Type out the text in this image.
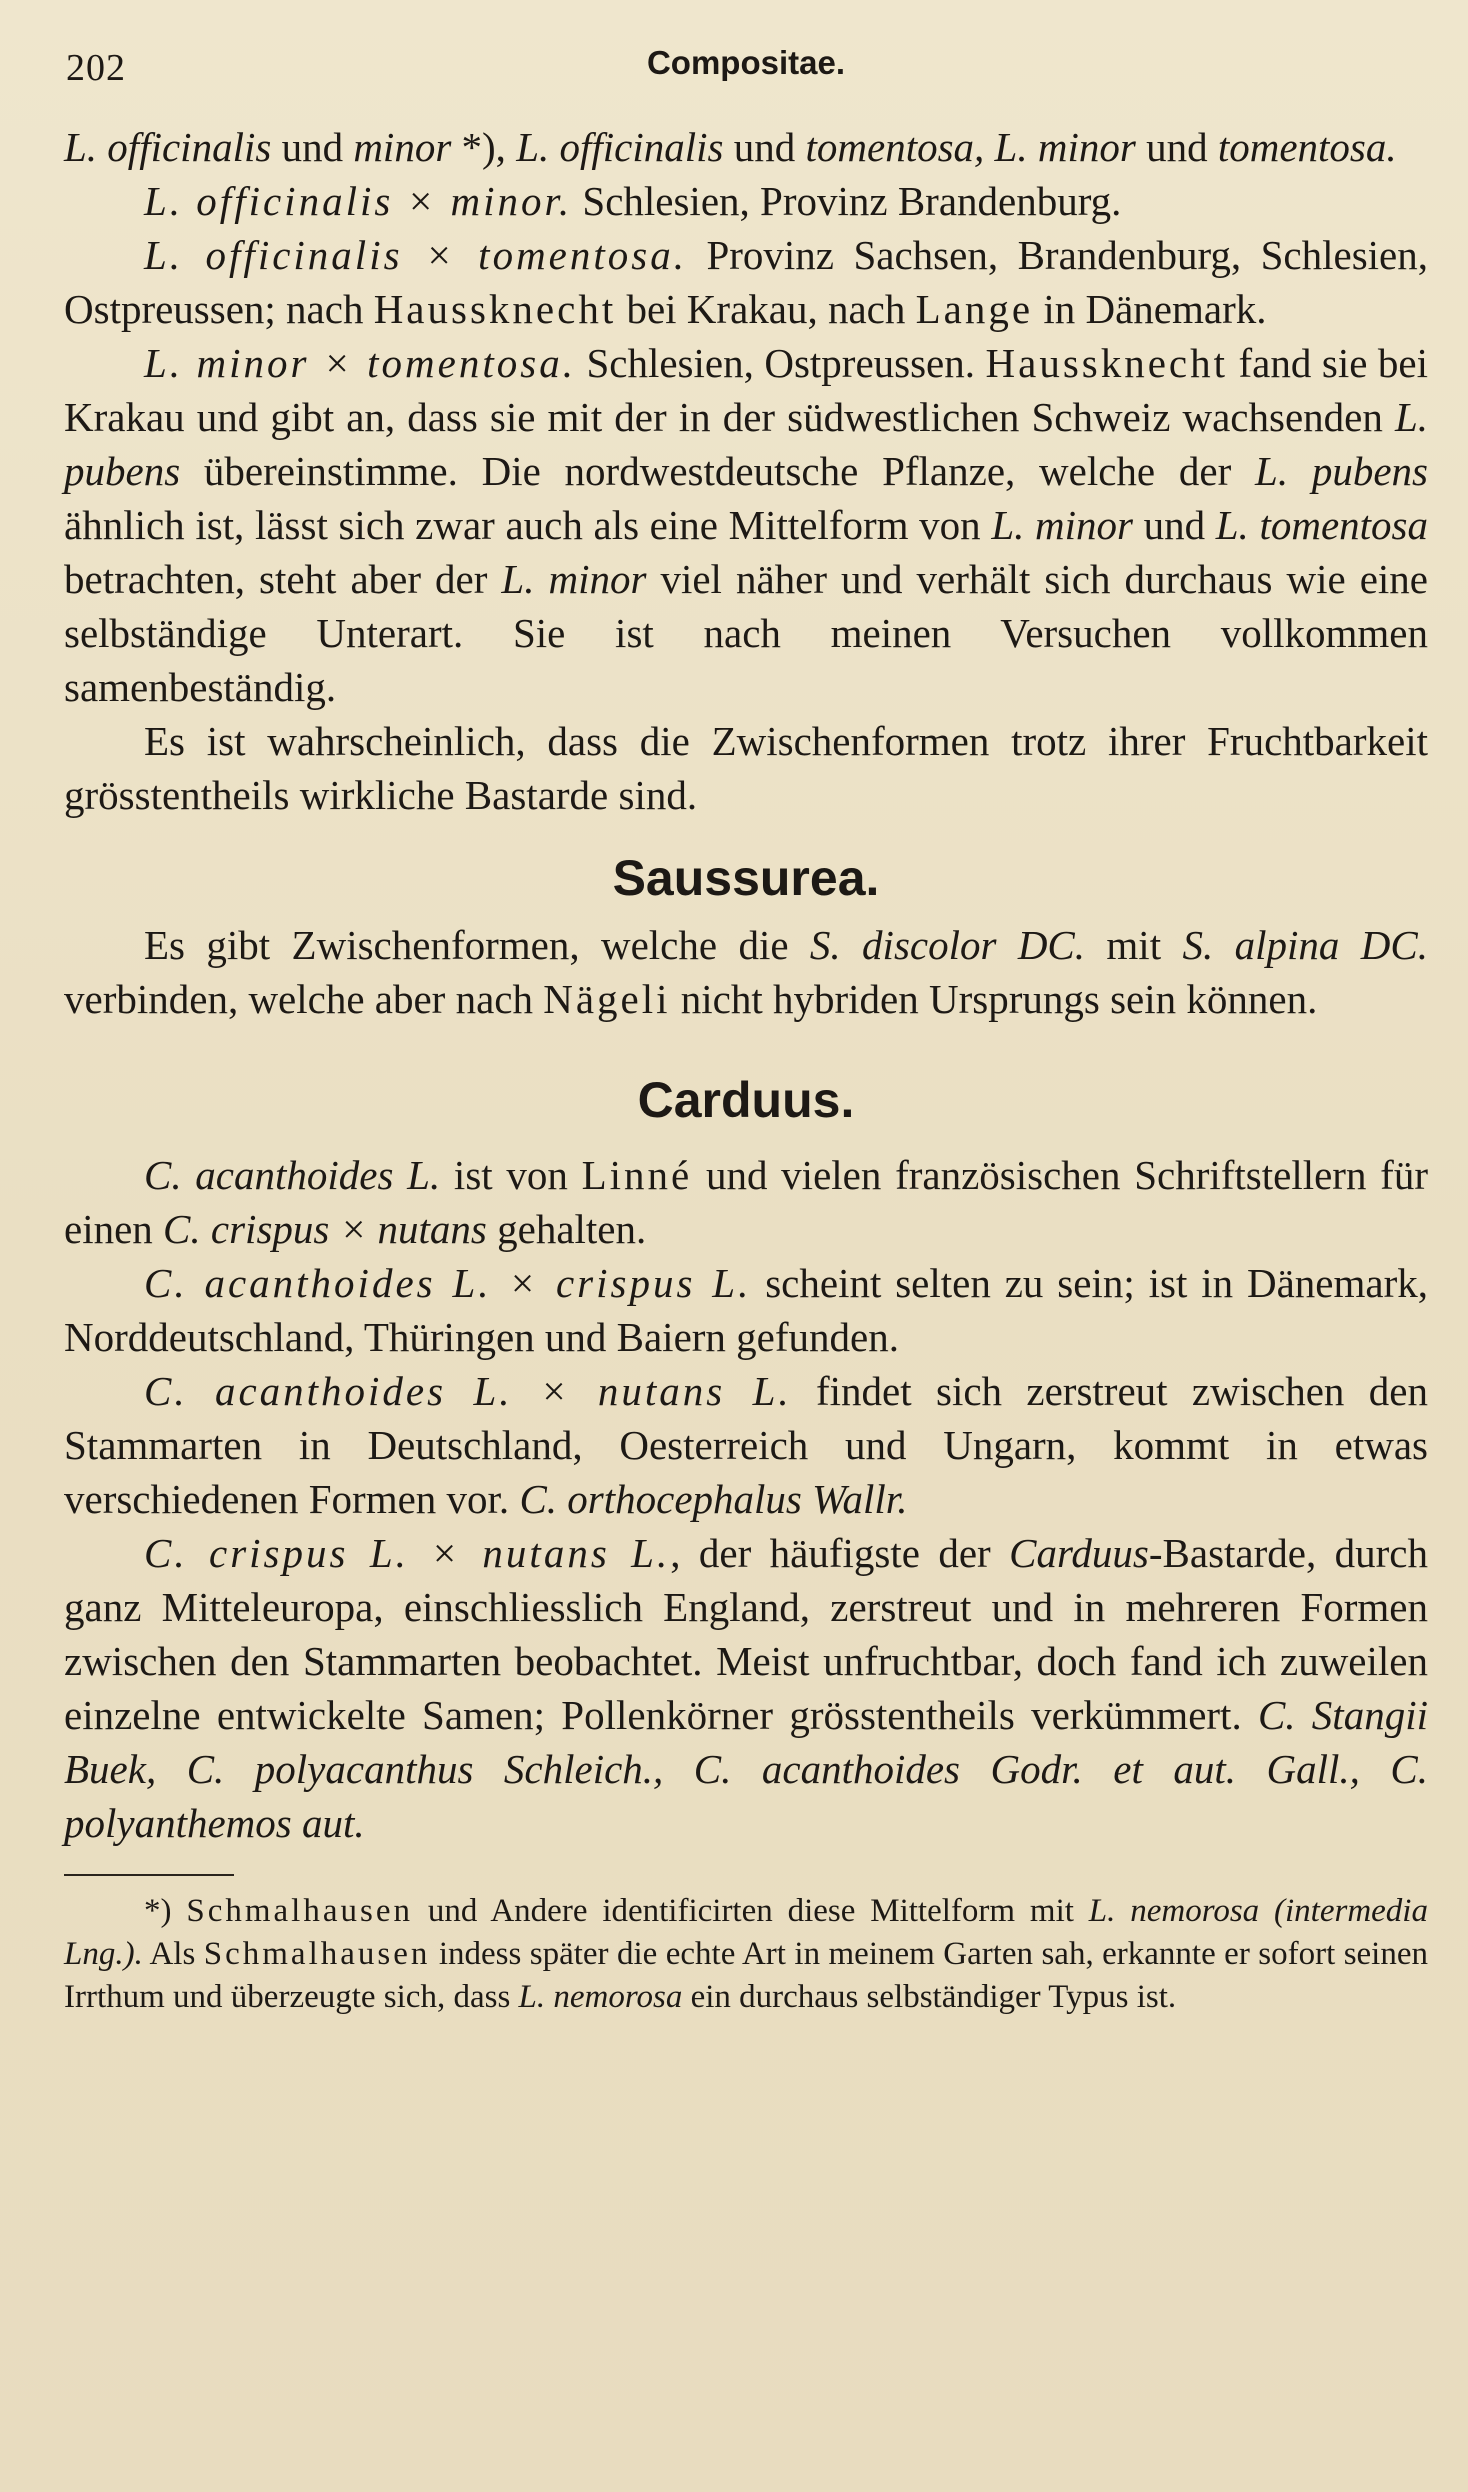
202	Compositae.

L. officinalis und minor *), L. officinalis und tomentosa, L. minor und tomentosa.

L. officinalis × minor. Schlesien, Provinz Brandenburg.

L. officinalis × tomentosa. Provinz Sachsen, Brandenburg, Schlesien, Ostpreussen; nach Haussknecht bei Krakau, nach Lange in Dänemark.

L. minor × tomentosa. Schlesien, Ostpreussen. Haussknecht fand sie bei Krakau und gibt an, dass sie mit der in der südwestlichen Schweiz wachsenden L. pubens übereinstimme. Die nordwestdeutsche Pflanze, welche der L. pubens ähnlich ist, lässt sich zwar auch als eine Mittelform von L. minor und L. tomentosa betrachten, steht aber der L. minor viel näher und verhält sich durchaus wie eine selbständige Unterart. Sie ist nach meinen Versuchen vollkommen samenbeständig.

Es ist wahrscheinlich, dass die Zwischenformen trotz ihrer Fruchtbarkeit grösstentheils wirkliche Bastarde sind.

Saussurea.

Es gibt Zwischenformen, welche die S. discolor DC. mit S. alpina DC. verbinden, welche aber nach Nägeli nicht hybriden Ursprungs sein können.

Carduus.

C. acanthoides L. ist von Linné und vielen französischen Schriftstellern für einen C. crispus × nutans gehalten.

C. acanthoides L. × crispus L. scheint selten zu sein; ist in Dänemark, Norddeutschland, Thüringen und Baiern gefunden.

C. acanthoides L. × nutans L. findet sich zerstreut zwischen den Stammarten in Deutschland, Oesterreich und Ungarn, kommt in etwas verschiedenen Formen vor. C. orthocephalus Wallr.

C. crispus L. × nutans L., der häufigste der Carduus-Bastarde, durch ganz Mitteleuropa, einschliesslich England, zerstreut und in mehreren Formen zwischen den Stammarten beobachtet. Meist unfruchtbar, doch fand ich zuweilen einzelne entwickelte Samen; Pollenkörner grösstentheils verkümmert. C. Stangii Buek, C. polyacanthus Schleich., C. acanthoides Godr. et aut. Gall., C. polyanthemos aut.

*) Schmalhausen und Andere identificirten diese Mittelform mit L. nemorosa (intermedia Lng.). Als Schmalhausen indess später die echte Art in meinem Garten sah, erkannte er sofort seinen Irrthum und überzeugte sich, dass L. nemorosa ein durchaus selbständiger Typus ist.
